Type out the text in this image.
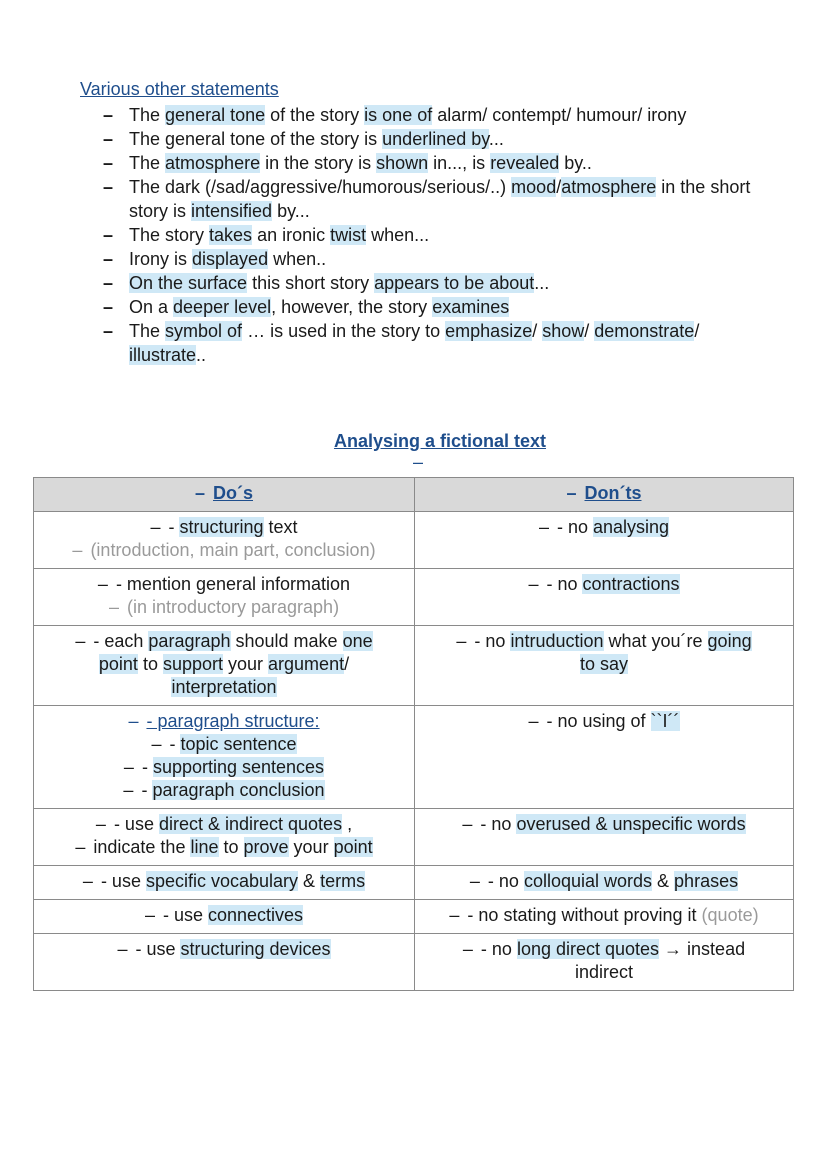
Various other statements
– The general tone of the story is one of alarm/ contempt/ humour/ irony
– The general tone of the story is underlined by...
– The atmosphere in the story is shown in..., is revealed by..
– The dark (/sad/aggressive/humorous/serious/..) mood/atmosphere in the short story is intensified by...
– The story takes an ironic twist when...
– Irony is displayed when..
– On the surface this short story appears to be about...
– On a deeper level, however, the story examines
– The symbol of … is used in the story to emphasize/ show/ demonstrate/ illustrate..
Analysing a fictional text
–
– Do´s	– Don´ts

– - structuring text
– (introduction, main part, conclusion)	– - no analysing

– - mention general information
– (in introductory paragraph)	– - no contractions

– - each paragraph should make one
point to support your argument/
interpretation	– - no intruduction what you´re going
to say

– - paragraph structure:
– - topic sentence
– - supporting sentences
– - paragraph conclusion	– - no using of ``I´´

– - use direct & indirect quotes ,
– indicate the line to prove your point	– - no overused & unspecific words

– - use specific vocabulary & terms	– - no colloquial words & phrases

– - use connectives	– - no stating without proving it (quote)

– - use structuring devices	– - no long direct quotes → instead
indirect
